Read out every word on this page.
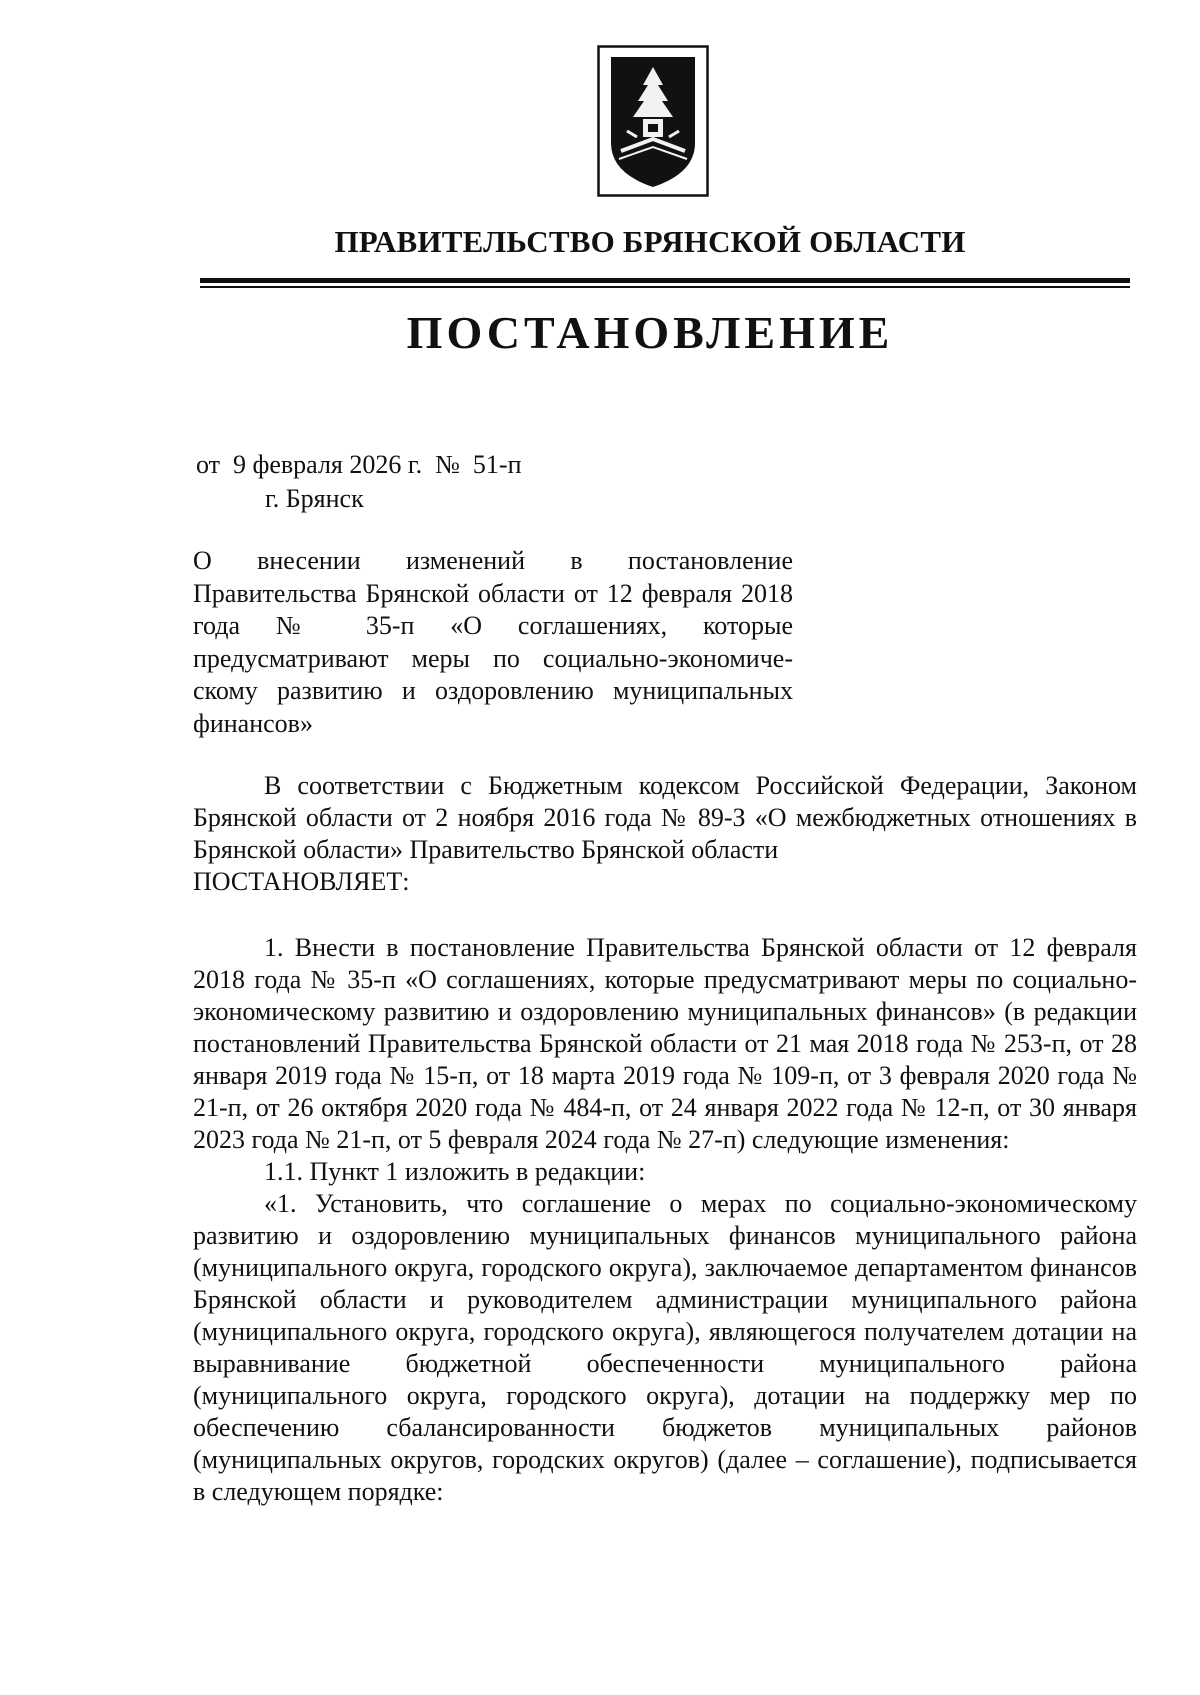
ПРАВИТЕЛЬСТВО БРЯНСКОЙ ОБЛАСТИ
ПОСТАНОВЛЕНИЕ
от  9 февраля 2026 г.  №  51-п
г. Брянск
О внесении изменений в постановление Правительства Брянской области от 12 февраля 2018 года № 35-п «О соглашениях, которые предусматривают меры по социально-экономическому развитию и оздоровлению муниципальных финансов»

В соответствии с Бюджетным кодексом Российской Федерации, Законом Брянской области от 2 ноября 2016 года № 89-З «О межбюджетных отношениях в Брянской области» Правительство Брянской области

ПОСТАНОВЛЯЕТ:

1. Внести в постановление Правительства Брянской области от 12 февраля 2018 года № 35-п «О соглашениях, которые предусматривают меры по социально-экономическому развитию и оздоровлению муниципальных финансов» (в редакции постановлений Правительства Брянской области от 21 мая 2018 года № 253-п, от 28 января 2019 года № 15-п, от 18 марта 2019 года № 109-п, от 3 февраля 2020 года № 21-п, от 26 октября 2020 года № 484-п, от 24 января 2022 года № 12-п, от 30 января 2023 года № 21-п, от 5 февраля 2024 года № 27-п) следующие изменения:

1.1. Пункт 1 изложить в редакции:

«1. Установить, что соглашение о мерах по социально-экономическому развитию и оздоровлению муниципальных финансов муниципального района (муниципального округа, городского округа), заключаемое департаментом финансов Брянской области и руководителем администрации муниципального района (муниципального округа, городского округа), являющегося получателем дотации на выравнивание бюджетной обеспеченности муниципального района (муниципального округа, городского округа), дотации на поддержку мер по обеспечению сбалансированности бюджетов муниципальных районов (муниципальных округов, городских округов) (далее – соглашение), подписывается в следующем порядке:
